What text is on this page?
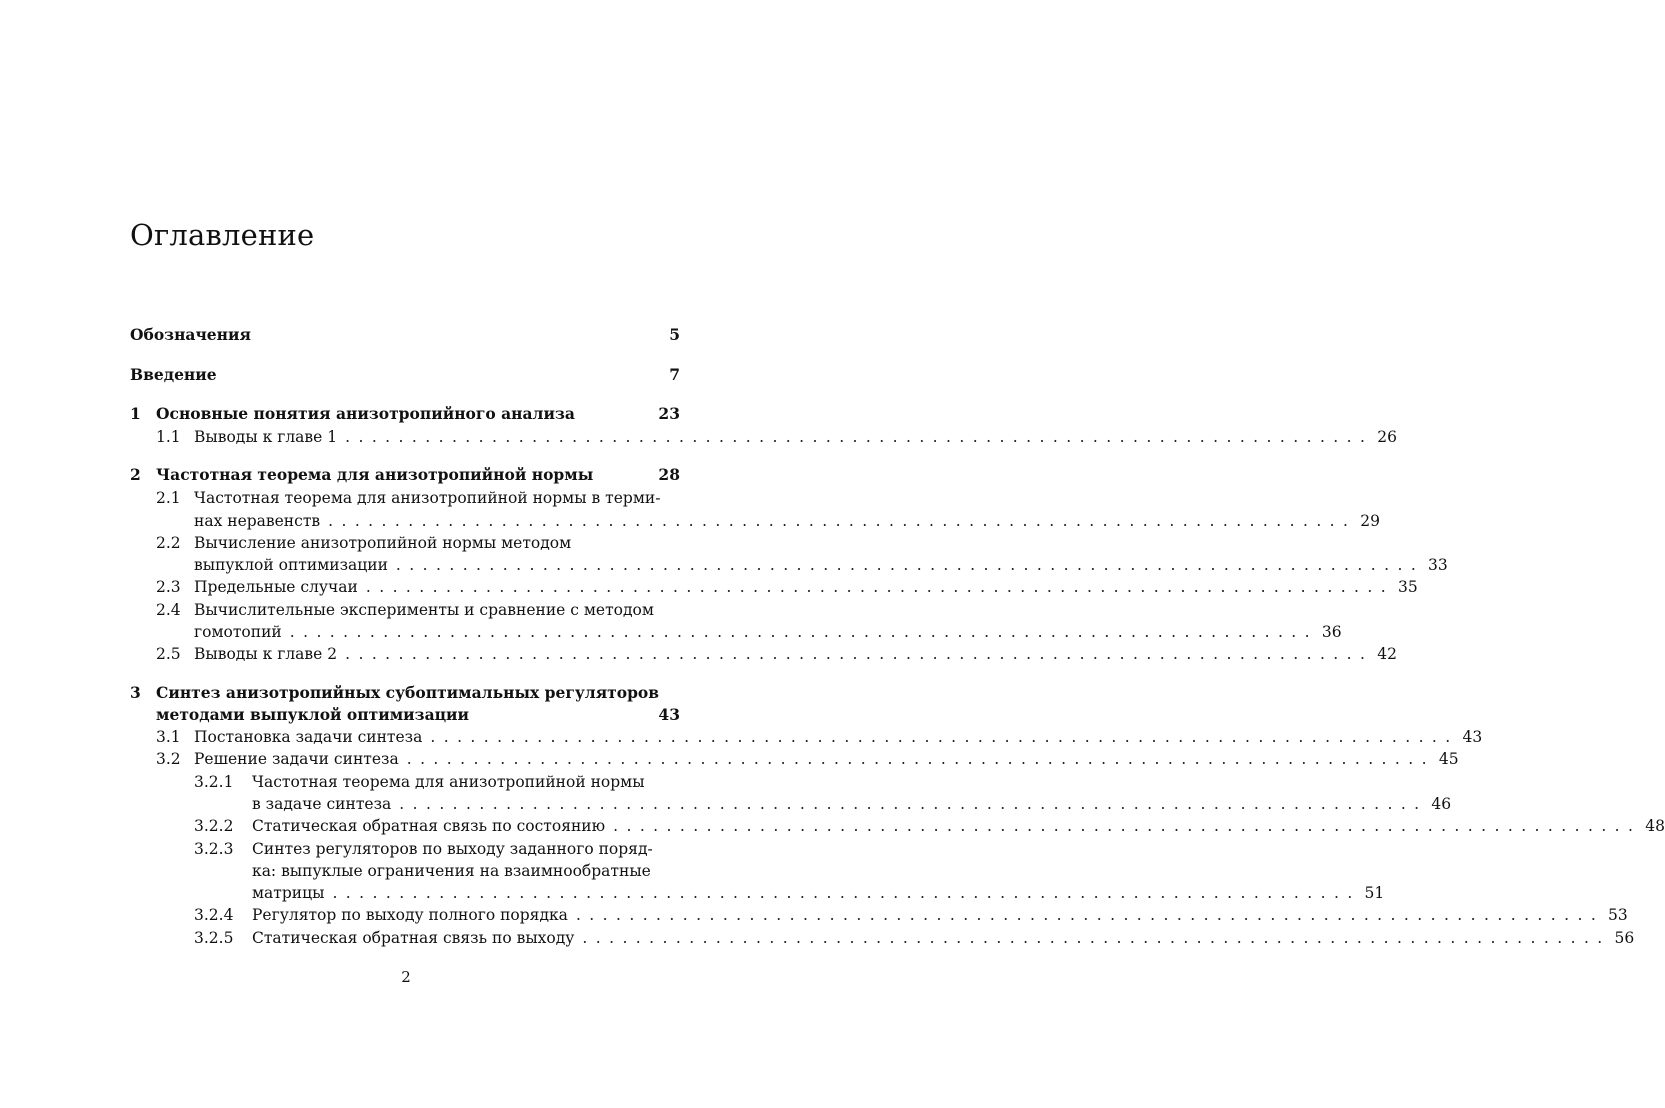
Оглавление
Обозначения	5
Введение	7
1 Основные понятия анизотропийного анализа	23
1.1 Выводы к главе 1 . . .	26
2 Частотная теорема для анизотропийной нормы	28
2.1 Частотная теорема для анизотропийной нормы в терми-
нах неравенств . . .	29
2.2 Вычисление анизотропийной нормы методом
выпуклой оптимизации . . .	33
2.3 Предельные случаи . . .	35
2.4 Вычислительные эксперименты и сравнение с методом
гомотопий . . .	36
2.5 Выводы к главе 2 . . .	42
3 Синтез анизотропийных субоптимальных регуляторов
методами выпуклой оптимизации	43
3.1 Постановка задачи синтеза . . .	43
3.2 Решение задачи синтеза . . .	45
3.2.1	Частотная теорема для анизотропийной нормы
в задаче синтеза . . .	46
3.2.2	Статическая обратная связь по состоянию . . .	48
3.2.3	Синтез регуляторов по выходу заданного поряд-
ка: выпуклые ограничения на взаимнообратные
матрицы . . .	51
3.2.4	Регулятор по выходу полного порядка . . .	53
3.2.5	Статическая обратная связь по выходу . . .	56
2
